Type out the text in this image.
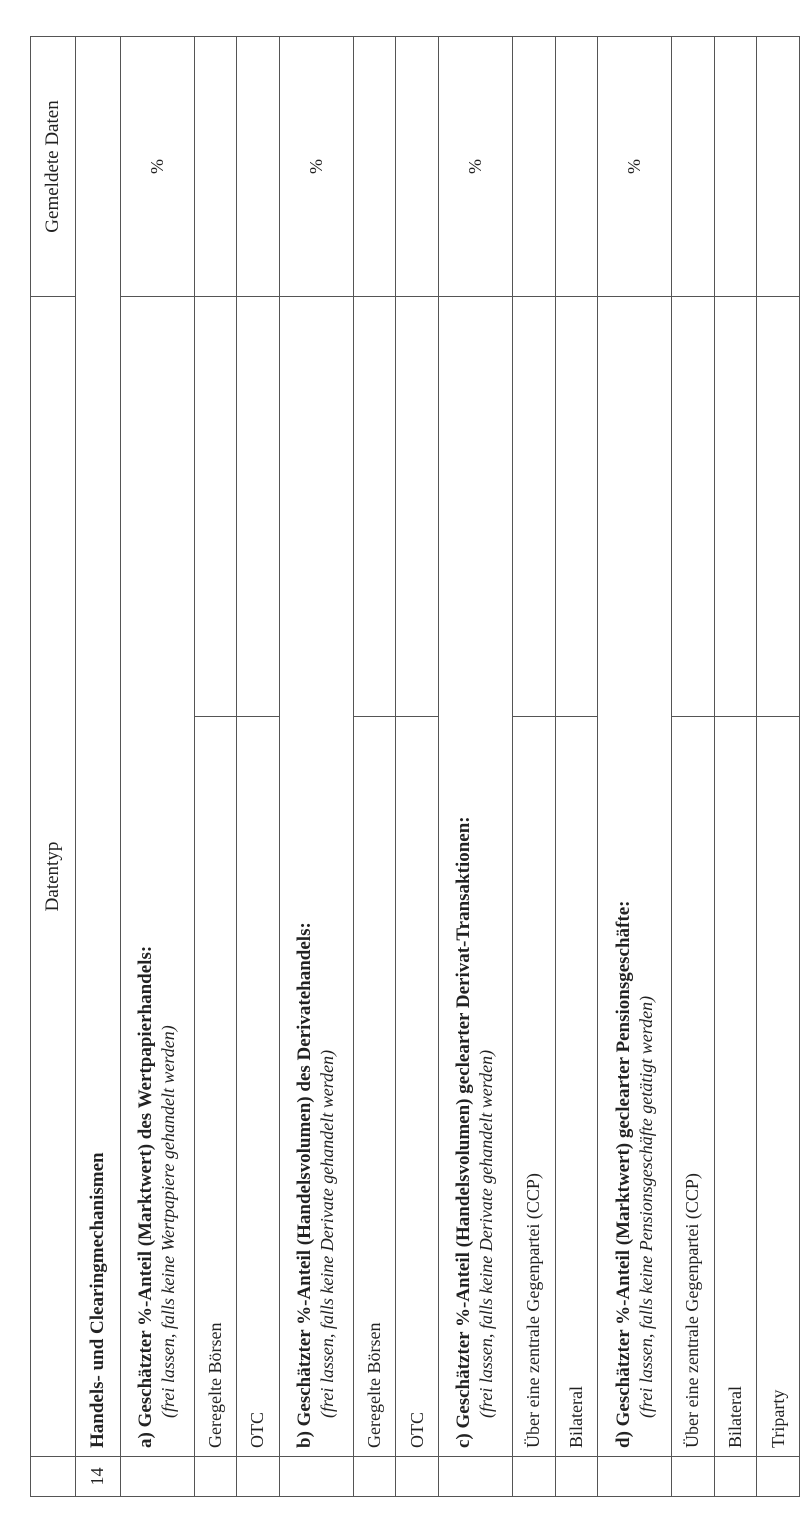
	Datentyp		Gemeldete Daten
14	Handels- und Clearingmechanismen		
	a) Geschätzter %-Anteil (Marktwert) des Wertpapierhandels: (frei lassen, falls keine Wertpapiere gehandelt werden)		%
	Geregelte Börsen		
	OTC		
	b) Geschätzter %-Anteil (Handelsvolumen) des Derivatehandels: (frei lassen, falls keine Derivate gehandelt werden)		%
	Geregelte Börsen		
	OTC		
	c) Geschätzter %-Anteil (Handelsvolumen) geclearter Derivat-Transaktionen: (frei lassen, falls keine Derivate gehandelt werden)		%
	Über eine zentrale Gegenpartei (CCP)		
	Bilateral		
	d) Geschätzter %-Anteil (Marktwert) geclearter Pensionsgeschäfte: (frei lassen, falls keine Pensionsgeschäfte getätigt werden)		%
	Über eine zentrale Gegenpartei (CCP)		
	Bilateral		
	Triparty		
